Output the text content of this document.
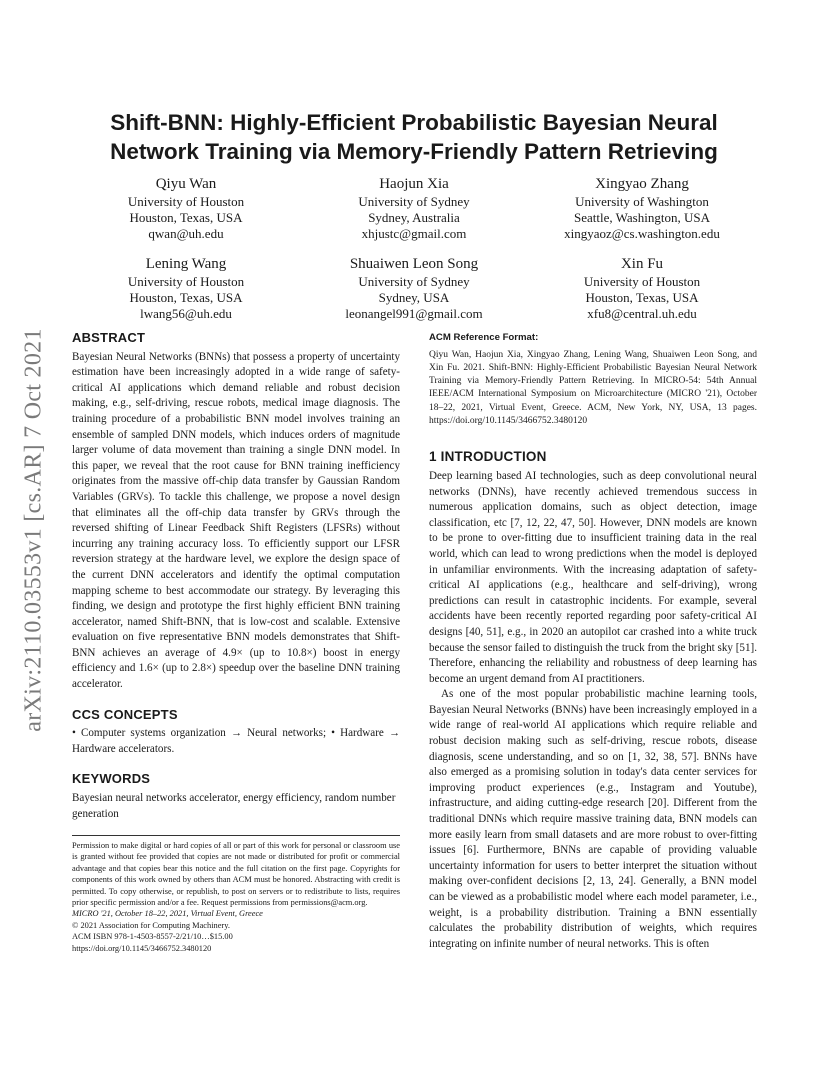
arXiv:2110.03553v1 [cs.AR] 7 Oct 2021
Shift-BNN: Highly-Efficient Probabilistic Bayesian Neural
Network Training via Memory-Friendly Pattern Retrieving
Qiyu Wan
University of Houston
Houston, Texas, USA
qwan@uh.edu
Haojun Xia
University of Sydney
Sydney, Australia
xhjustc@gmail.com
Xingyao Zhang
University of Washington
Seattle, Washington, USA
xingyaoz@cs.washington.edu
Lening Wang
University of Houston
Houston, Texas, USA
lwang56@uh.edu
Shuaiwen Leon Song
University of Sydney
Sydney, USA
leonangel991@gmail.com
Xin Fu
University of Houston
Houston, Texas, USA
xfu8@central.uh.edu
ABSTRACT

Bayesian Neural Networks (BNNs) that possess a property of uncertainty estimation have been increasingly adopted in a wide range of safety-critical AI applications which demand reliable and robust decision making, e.g., self-driving, rescue robots, medical image diagnosis. The training procedure of a probabilistic BNN model involves training an ensemble of sampled DNN models, which induces orders of magnitude larger volume of data movement than training a single DNN model. In this paper, we reveal that the root cause for BNN training inefficiency originates from the massive off-chip data transfer by Gaussian Random Variables (GRVs). To tackle this challenge, we propose a novel design that eliminates all the off-chip data transfer by GRVs through the reversed shifting of Linear Feedback Shift Registers (LFSRs) without incurring any training accuracy loss. To efficiently support our LFSR reversion strategy at the hardware level, we explore the design space of the current DNN accelerators and identify the optimal computation mapping scheme to best accommodate our strategy. By leveraging this finding, we design and prototype the first highly efficient BNN training accelerator, named Shift-BNN, that is low-cost and scalable. Extensive evaluation on five representative BNN models demonstrates that Shift-BNN achieves an average of 4.9× (up to 10.8×) boost in energy efficiency and 1.6× (up to 2.8×) speedup over the baseline DNN training accelerator.

CCS CONCEPTS

• Computer systems organization → Neural networks; • Hardware → Hardware accelerators.

KEYWORDS

Bayesian neural networks accelerator, energy efficiency, random number generation

Permission to make digital or hard copies of all or part of this work for personal or classroom use is granted without fee provided that copies are not made or distributed for profit or commercial advantage and that copies bear this notice and the full citation on the first page. Copyrights for components of this work owned by others than ACM must be honored. Abstracting with credit is permitted. To copy otherwise, or republish, to post on servers or to redistribute to lists, requires prior specific permission and/or a fee. Request permissions from permissions@acm.org.

MICRO '21, October 18–22, 2021, Virtual Event, Greece
© 2021 Association for Computing Machinery.
ACM ISBN 978-1-4503-8557-2/21/10…$15.00
https://doi.org/10.1145/3466752.3480120
ACM Reference Format:
Qiyu Wan, Haojun Xia, Xingyao Zhang, Lening Wang, Shuaiwen Leon Song, and Xin Fu. 2021. Shift-BNN: Highly-Efficient Probabilistic Bayesian Neural Network Training via Memory-Friendly Pattern Retrieving. In MICRO-54: 54th Annual IEEE/ACM International Symposium on Microarchitecture (MICRO '21), October 18–22, 2021, Virtual Event, Greece. ACM, New York, NY, USA, 13 pages. https://doi.org/10.1145/3466752.3480120
1 INTRODUCTION

Deep learning based AI technologies, such as deep convolutional neural networks (DNNs), have recently achieved tremendous success in numerous application domains, such as object detection, image classification, etc [7, 12, 22, 47, 50]. However, DNN models are known to be prone to over-fitting due to insufficient training data in the real world, which can lead to wrong predictions when the model is deployed in unfamiliar environments. With the increasing adaptation of safety-critical AI applications (e.g., healthcare and self-driving), wrong predictions can result in catastrophic incidents. For example, several accidents have been recently reported regarding poor safety-critical AI designs [40, 51], e.g., in 2020 an autopilot car crashed into a white truck because the sensor failed to distinguish the truck from the bright sky [51]. Therefore, enhancing the reliability and robustness of deep learning has become an urgent demand from AI practitioners.

As one of the most popular probabilistic machine learning tools, Bayesian Neural Networks (BNNs) have been increasingly employed in a wide range of real-world AI applications which require reliable and robust decision making such as self-driving, rescue robots, disease diagnosis, scene understanding, and so on [1, 32, 38, 57]. BNNs have also emerged as a promising solution in today's data center services for improving product experiences (e.g., Instagram and Youtube), infrastructure, and aiding cutting-edge research [20]. Different from the traditional DNNs which require massive training data, BNN models can more easily learn from small datasets and are more robust to over-fitting issues [6]. Furthermore, BNNs are capable of providing valuable uncertainty information for users to better interpret the situation without making over-confident decisions [2, 13, 24]. Generally, a BNN model can be viewed as a probabilistic model where each model parameter, i.e., weight, is a probability distribution. Training a BNN essentially calculates the probability distribution of weights, which requires integrating on infinite number of neural networks. This is often
